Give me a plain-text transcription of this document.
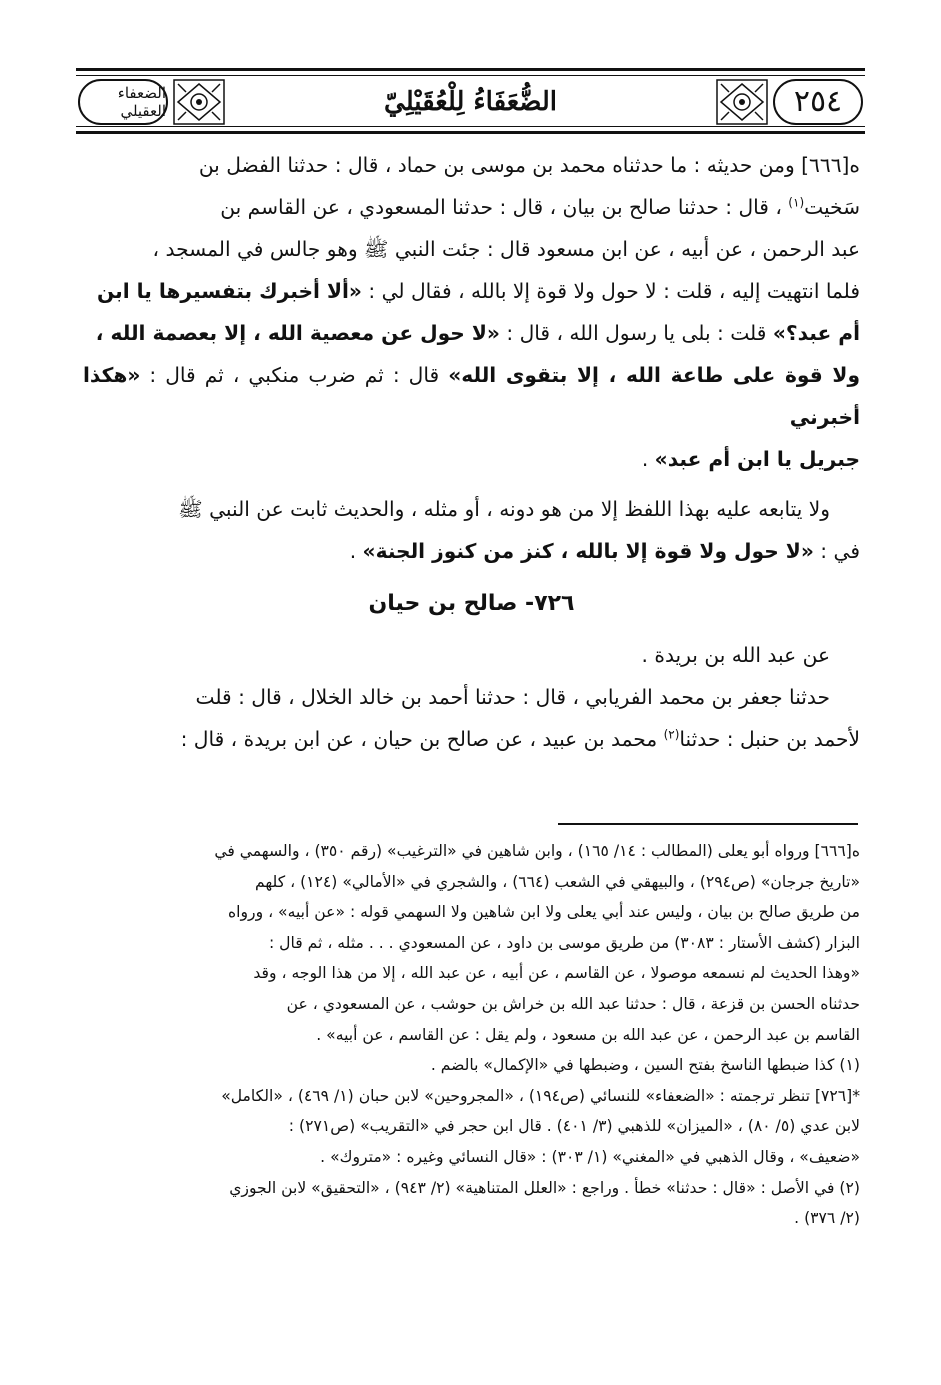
٢٥٤
الضُّعَفَاءُ لِلْعُقَيْلِيّ
الضعفاء العقيلي

ه[٦٦٦] ومن حديثه : ما حدثناه محمد بن موسى بن حماد ، قال : حدثنا الفضل بن

سَخيت$^{(١)}$ ، قال : حدثنا صالح بن بيان ، قال : حدثنا المسعودي ، عن القاسم بن

عبد الرحمن ، عن أبيه ، عن ابن مسعود قال : جئت النبي ﷺ وهو جالس في المسجد ،

فلما انتهيت إليه ، قلت : لا حول ولا قوة إلا بالله ، فقال لي : «ألا أخبرك بتفسيرها يا ابن

أم عبد؟» قلت : بلى يا رسول الله ، قال : «لا حول عن معصية الله ، إلا بعصمة الله ،

ولا قوة على طاعة الله ، إلا بتقوى الله» قال : ثم ضرب منكبي ، ثم قال : «هكذا أخبرني

جبريل يا ابن أم عبد» .

ولا يتابعه عليه بهذا اللفظ إلا من هو دونه ، أو مثله ، والحديث ثابت عن النبي ﷺ

في : «لا حول ولا قوة إلا بالله ، كنز من كنوز الجنة» .

٧٢٦- صالح بن حيان

عن عبد الله بن بريدة .

حدثنا جعفر بن محمد الفريابي ، قال : حدثنا أحمد بن خالد الخلال ، قال : قلت

لأحمد بن حنبل : حدثنا$^{(٢)}$ محمد بن عبيد ، عن صالح بن حيان ، عن ابن بريدة ، قال :

ه[٦٦٦] ورواه أبو يعلى (المطالب : ١٤/ ١٦٥) ، وابن شاهين في «الترغيب» (رقم ٣٥٠) ، والسهمي في

«تاريخ جرجان» (ص٢٩٤) ، والبيهقي في الشعب (٦٦٤) ، والشجري في «الأمالي» (١٢٤) ، كلهم

من طريق صالح بن بيان ، وليس عند أبي يعلى ولا ابن شاهين ولا السهمي قوله : «عن أبيه» ، ورواه

البزار (كشف الأستار : ٣٠٨٣) من طريق موسى بن داود ، عن المسعودي . . . مثله ، ثم قال :

«وهذا الحديث لم نسمعه موصولا ، عن القاسم ، عن أبيه ، عن عبد الله ، إلا من هذا الوجه ، وقد

حدثناه الحسن بن قزعة ، قال : حدثنا عبد الله بن خراش بن حوشب ، عن المسعودي ، عن

القاسم بن عبد الرحمن ، عن عبد الله بن مسعود ، ولم يقل : عن القاسم ، عن أبيه» .

(١) كذا ضبطها الناسخ بفتح السين ، وضبطها في «الإكمال» بالضم .

*[٧٢٦] تنظر ترجمته : «الضعفاء» للنسائي (ص١٩٤) ، «المجروحين» لابن حبان (١/ ٤٦٩) ، «الكامل»

لابن عدي (٥/ ٨٠) ، «الميزان» للذهبي (٣/ ٤٠١) . قال ابن حجر في «التقريب» (ص٢٧١) :

«ضعيف» ، وقال الذهبي في «المغني» (١/ ٣٠٣) : «قال النسائي وغيره : «متروك» .

(٢) في الأصل : «قال : حدثنا» خطأ . وراجع : «العلل المتناهية» (٢/ ٩٤٣) ، «التحقيق» لابن الجوزي

(٢/ ٣٧٦) .
